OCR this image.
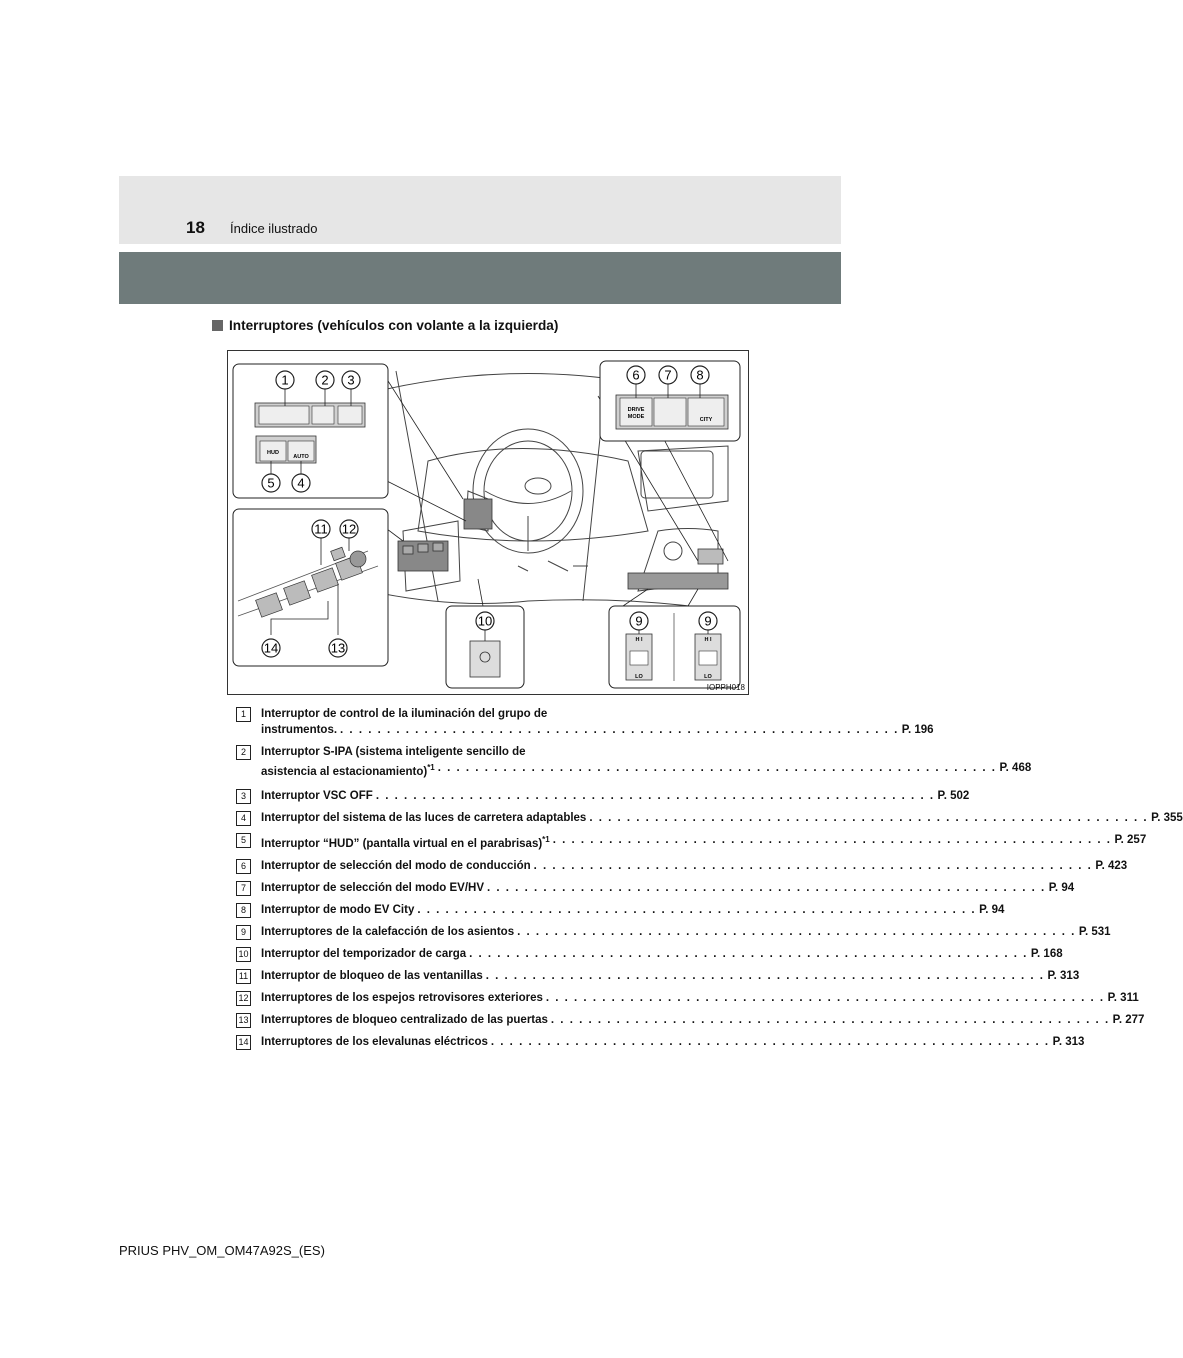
18 Índice ilustrado
Interruptores (vehículos con volante a la izquierda)
HUD
AUTO
1	2 3
4
5
DRIVE
MODE	CITY
6 7 8
11 12
13
14
10
H I
LO
H I
LO
9	9
IOPPH018
1	Interruptor de control de la iluminación del grupo de
instrumentos. . . . . . . . . . . . . . . . . . . . . . . . . . . . . . . . . . . . . . . . . . . . . . . . . . . . . . . . . . . . . P. 196
2	Interruptor S-IPA (sistema inteligente sencillo de
asistencia al estacionamiento)$^{*1}$ . . . . . . . . . . . . . . . . . . . . . . . . . . . . . . . . . . . . . . . . . . . . . . . . . . . . . . . . . . . . P. 468
3	Interruptor VSC OFF . . . . . . . . . . . . . . . . . . . . . . . . . . . . . . . . . . . . . . . . . . . . . . . . . . . . . . . . . . . . P. 502
4	Interruptor del sistema de las luces de carretera adaptables . . . . . . . . . . . . . . . . . . . . . . . . . . . . . . . . . . . . . . . . . . . . . . . . . . . . . . . . . . . . P. 355
5	Interruptor “HUD” (pantalla virtual en el parabrisas)$^{*1}$ . . . . . . . . . . . . . . . . . . . . . . . . . . . . . . . . . . . . . . . . . . . . . . . . . . . . . . . . . . . . P. 257
6	Interruptor de selección del modo de conducción . . . . . . . . . . . . . . . . . . . . . . . . . . . . . . . . . . . . . . . . . . . . . . . . . . . . . . . . . . . . P. 423
7	Interruptor de selección del modo EV/HV . . . . . . . . . . . . . . . . . . . . . . . . . . . . . . . . . . . . . . . . . . . . . . . . . . . . . . . . . . . . P. 94
8	Interruptor de modo EV City . . . . . . . . . . . . . . . . . . . . . . . . . . . . . . . . . . . . . . . . . . . . . . . . . . . . . . . . . . . . P. 94
9	Interruptores de la calefacción de los asientos . . . . . . . . . . . . . . . . . . . . . . . . . . . . . . . . . . . . . . . . . . . . . . . . . . . . . . . . . . . . P. 531
10 Interruptor del temporizador de carga . . . . . . . . . . . . . . . . . . . . . . . . . . . . . . . . . . . . . . . . . . . . . . . . . . . . . . . . . . . . P. 168
11 Interruptor de bloqueo de las ventanillas . . . . . . . . . . . . . . . . . . . . . . . . . . . . . . . . . . . . . . . . . . . . . . . . . . . . . . . . . . . . P. 313
12 Interruptores de los espejos retrovisores exteriores . . . . . . . . . . . . . . . . . . . . . . . . . . . . . . . . . . . . . . . . . . . . . . . . . . . . . . . . . . . . P. 311
13 Interruptores de bloqueo centralizado de las puertas . . . . . . . . . . . . . . . . . . . . . . . . . . . . . . . . . . . . . . . . . . . . . . . . . . . . . . . . . . . . P. 277
14 Interruptores de los elevalunas eléctricos . . . . . . . . . . . . . . . . . . . . . . . . . . . . . . . . . . . . . . . . . . . . . . . . . . . . . . . . . . . . P. 313
PRIUS PHV_OM_OM47A92S_(ES)
